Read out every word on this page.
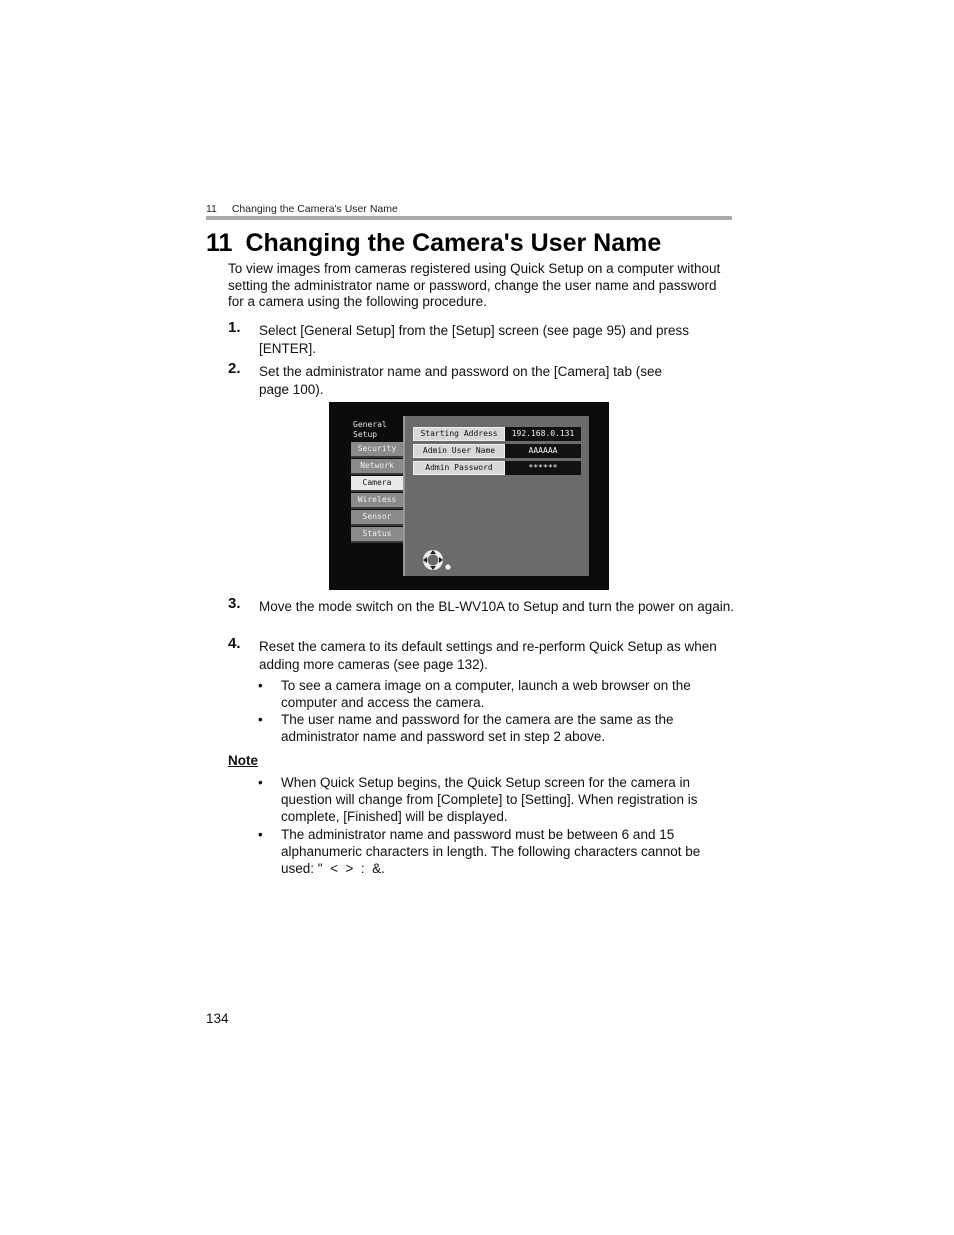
11 Changing the Camera's User Name
11 Changing the Camera's User Name

To view images from cameras registered using Quick Setup on a computer without setting the administrator name or password, change the user name and password for a camera using the following procedure.

1. Select [General Setup] from the [Setup] screen (see page 95) and press [ENTER].
2. Set the administrator name and password on the [Camera] tab (see page 100).
General
Setup
Security
Network
Camera
Wireless
Sensor
Status
Starting Address	192.168.0.131
Admin User Name	AAAAAA
Admin Password	******
3. Move the mode switch on the BL-WV10A to Setup and turn the power on again.
4. Reset the camera to its default settings and re-perform Quick Setup as when adding more cameras (see page 132).
• To see a camera image on a computer, launch a web browser on the computer and access the camera.
• The user name and password for the camera are the same as the administrator name and password set in step 2 above.
Note
• When Quick Setup begins, the Quick Setup screen for the camera in question will change from [Complete] to [Setting]. When registration is complete, [Finished] will be displayed.
• The administrator name and password must be between 6 and 15 alphanumeric characters in length. The following characters cannot be used: "  <  >  :  &.
134
